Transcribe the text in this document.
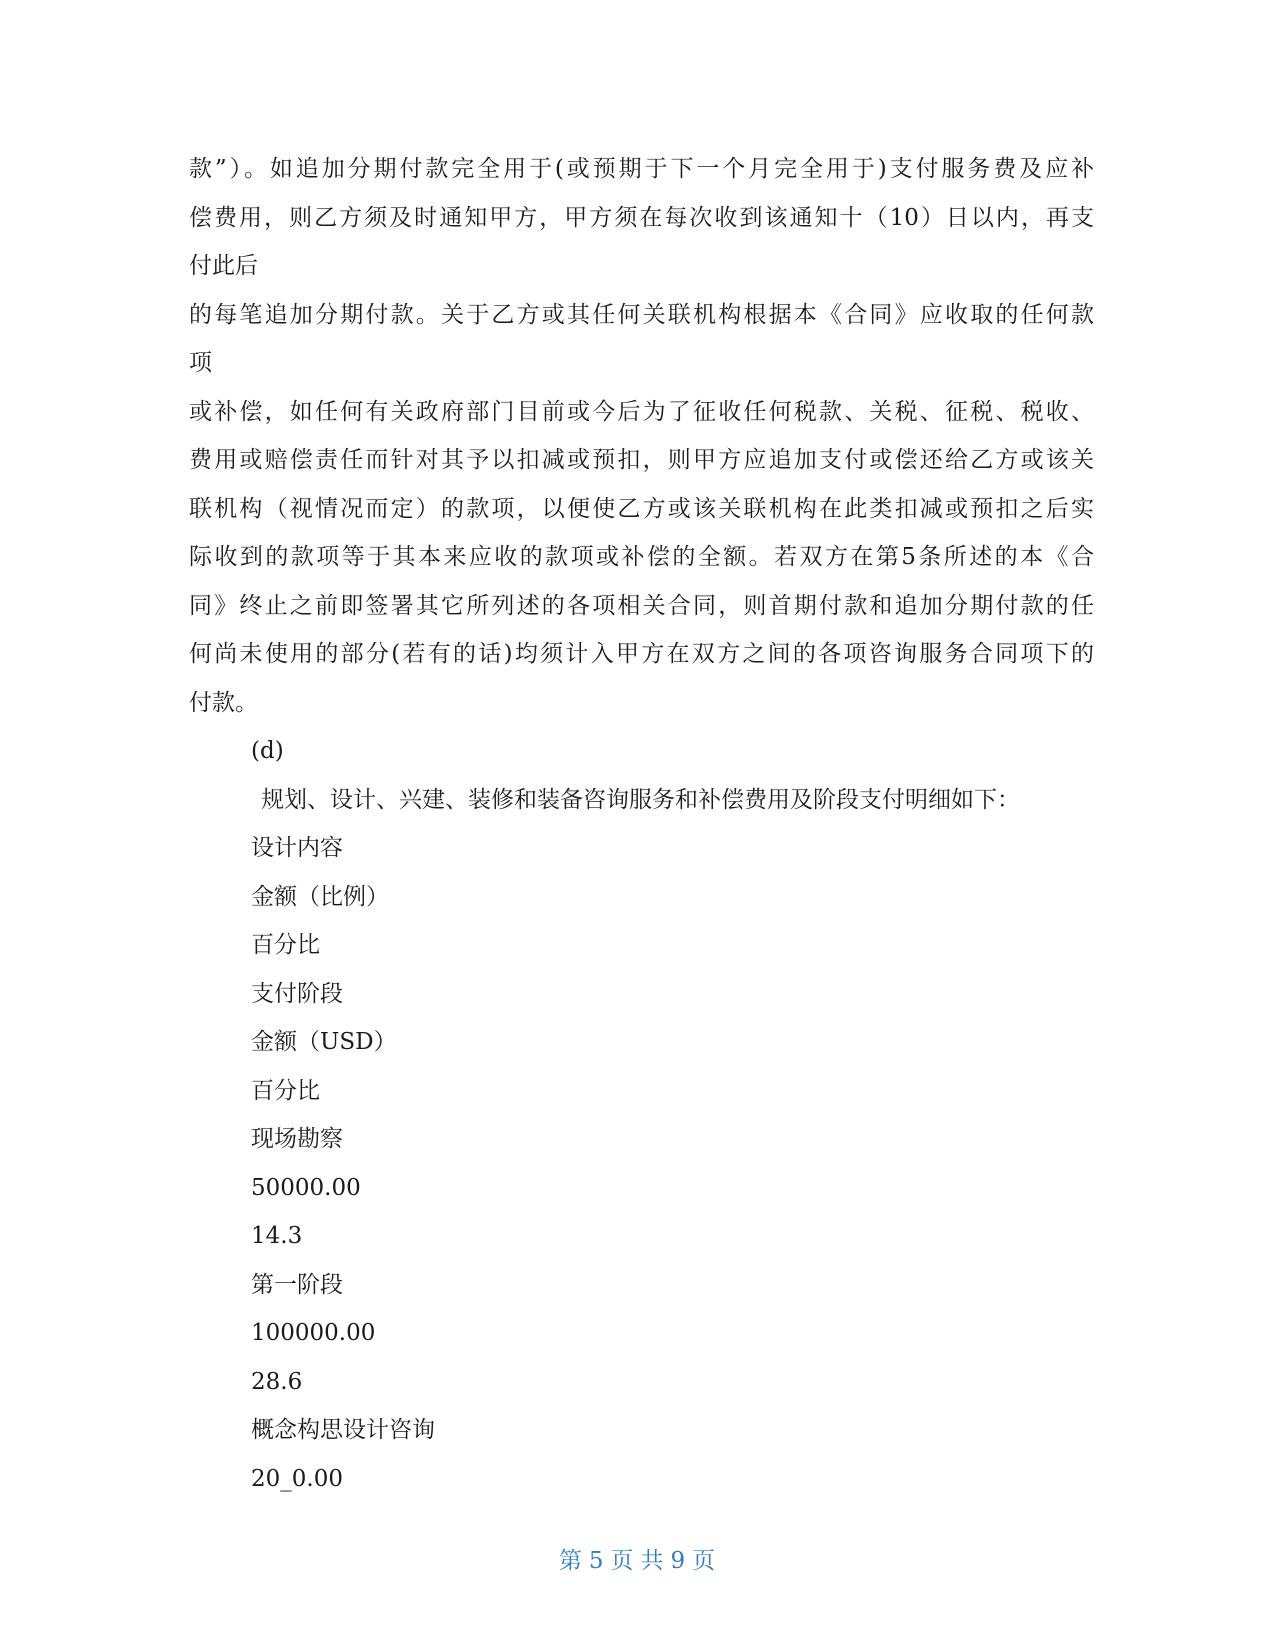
款”）。如追加分期付款完全用于(或预期于下一个月完全用于)支付服务费及应补
偿费用，则乙方须及时通知甲方，甲方须在每次收到该通知十（10）日以内，再支
付此后
的每笔追加分期付款。关于乙方或其任何关联机构根据本《合同》应收取的任何款
项
或补偿，如任何有关政府部门目前或今后为了征收任何税款、关税、征税、税收、
费用或赔偿责任而针对其予以扣减或预扣，则甲方应追加支付或偿还给乙方或该关
联机构（视情况而定）的款项，以便使乙方或该关联机构在此类扣减或预扣之后实
际收到的款项等于其本来应收的款项或补偿的全额。若双方在第5条所述的本《合
同》终止之前即签署其它所列述的各项相关合同，则首期付款和追加分期付款的任
何尚未使用的部分(若有的话)均须计入甲方在双方之间的各项咨询服务合同项下的
付款。
(d)
规划、设计、兴建、装修和装备咨询服务和补偿费用及阶段支付明细如下：
设计内容
金额（比例）
百分比
支付阶段
金额（USD）
百分比
现场勘察
50000.00
14.3
第一阶段
100000.00
28.6
概念构思设计咨询
20_0.00
第 5 页 共 9 页
